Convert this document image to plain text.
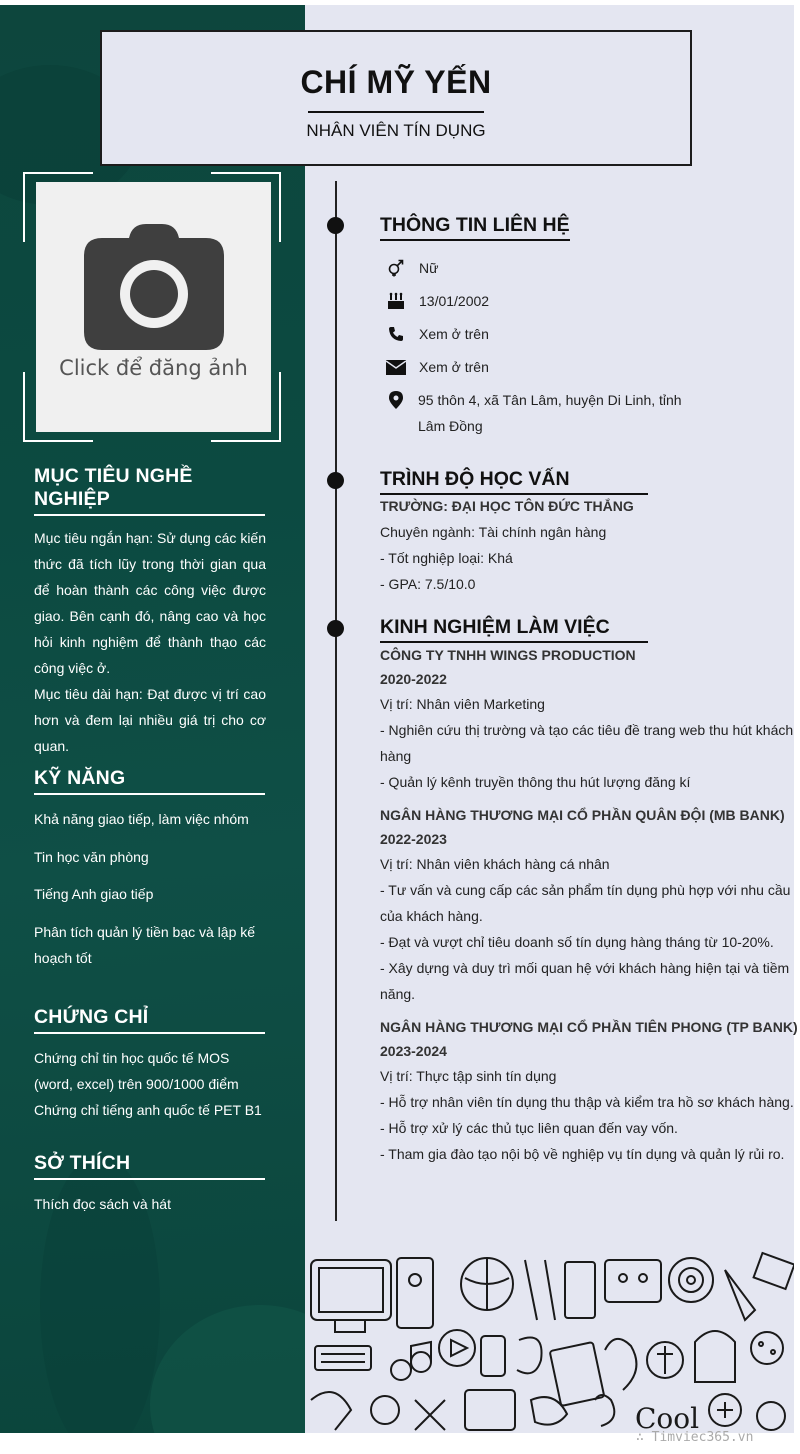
CHÍ MỸ YẾN
NHÂN VIÊN TÍN DỤNG
Click để đăng ảnh
MỤC TIÊU NGHỀ NGHIỆP

Mục tiêu ngắn hạn: Sử dụng các kiến thức đã tích lũy trong thời gian qua để hoàn thành các công việc được giao. Bên cạnh đó, nâng cao và học hỏi kinh nghiệm để thành thạo các công việc ở.

Mục tiêu dài hạn: Đạt được vị trí cao hơn và đem lại nhiều giá trị cho cơ quan.

KỸ NĂNG
Khả năng giao tiếp, làm việc nhóm
Tin học văn phòng
Tiếng Anh giao tiếp
Phân tích quản lý tiền bạc và lập kế hoạch tốt
CHỨNG CHỈ
Chứng chỉ tin học quốc tế MOS (word, excel) trên 900/1000 điểm
Chứng chỉ tiếng anh quốc tế PET B1
SỞ THÍCH
Thích đọc sách và hát
THÔNG TIN LIÊN HỆ
Nữ
13/01/2002
Xem ở trên
Xem ở trên
95 thôn 4, xã Tân Lâm, huyện Di Linh, tỉnh Lâm Đồng
TRÌNH ĐỘ HỌC VẤN
TRƯỜNG: ĐẠI HỌC TÔN ĐỨC THẮNG
Chuyên ngành: Tài chính ngân hàng
- Tốt nghiệp loại: Khá
- GPA: 7.5/10.0
KINH NGHIỆM LÀM VIỆC
CÔNG TY TNHH WINGS PRODUCTION
2020-2022
Vị trí: Nhân viên Marketing
- Nghiên cứu thị trường và tạo các tiêu đề trang web thu hút khách hàng
- Quản lý kênh truyền thông thu hút lượng đăng kí
NGÂN HÀNG THƯƠNG MẠI CỔ PHẦN QUÂN ĐỘI (MB BANK)
2022-2023
Vị trí: Nhân viên khách hàng cá nhân
- Tư vấn và cung cấp các sản phẩm tín dụng phù hợp với nhu cầu của khách hàng.
- Đạt và vượt chỉ tiêu doanh số tín dụng hàng tháng từ 10-20%.
- Xây dựng và duy trì mối quan hệ với khách hàng hiện tại và tiềm năng.
NGÂN HÀNG THƯƠNG MẠI CỔ PHẦN TIÊN PHONG (TP BANK)
2023-2024
Vị trí: Thực tập sinh tín dụng
- Hỗ trợ nhân viên tín dụng thu thập và kiểm tra hồ sơ khách hàng.
- Hỗ trợ xử lý các thủ tục liên quan đến vay vốn.
- Tham gia đào tạo nội bộ về nghiệp vụ tín dụng và quản lý rủi ro.
Cool
∴ Timviec365.vn
